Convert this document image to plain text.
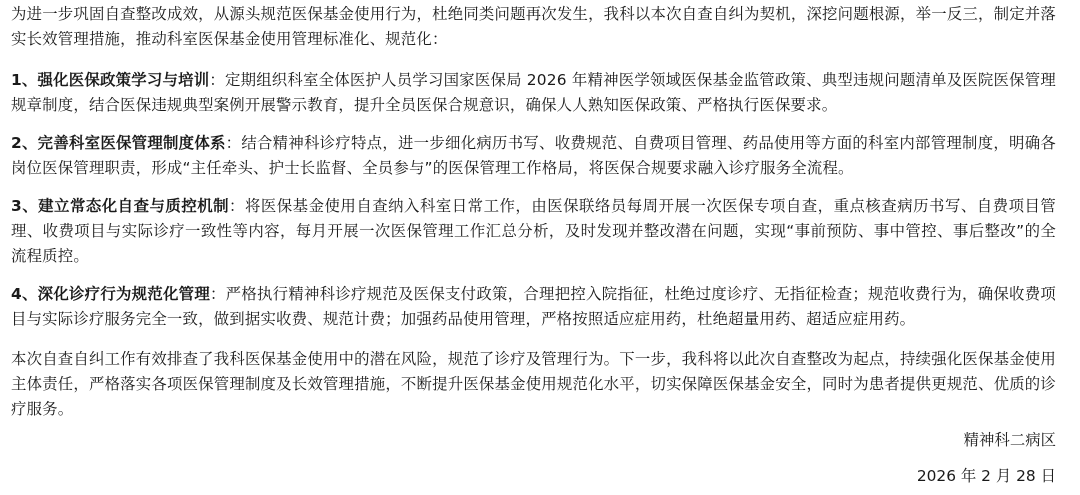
为进一步巩固自查整改成效，从源头规范医保基金使用行为，杜绝同类问题再次发生，我科以本次自查自纠为契机，深挖问题根源，举一反三，制定并落实长效管理措施，推动科室医保基金使用管理标准化、规范化：

1、强化医保政策学习与培训：定期组织科室全体医护人员学习国家医保局 2026 年精神医学领域医保基金监管政策、典型违规问题清单及医院医保管理规章制度，结合医保违规典型案例开展警示教育，提升全员医保合规意识，确保人人熟知医保政策、严格执行医保要求。

2、完善科室医保管理制度体系：结合精神科诊疗特点，进一步细化病历书写、收费规范、自费项目管理、药品使用等方面的科室内部管理制度，明确各岗位医保管理职责，形成“主任牵头、护士长监督、全员参与”的医保管理工作格局，将医保合规要求融入诊疗服务全流程。

3、建立常态化自查与质控机制：将医保基金使用自查纳入科室日常工作，由医保联络员每周开展一次医保专项自查，重点核查病历书写、自费项目管理、收费项目与实际诊疗一致性等内容，每月开展一次医保管理工作汇总分析，及时发现并整改潜在问题，实现“事前预防、事中管控、事后整改”的全流程质控。

4、深化诊疗行为规范化管理：严格执行精神科诊疗规范及医保支付政策，合理把控入院指征，杜绝过度诊疗、无指征检查；规范收费行为，确保收费项目与实际诊疗服务完全一致，做到据实收费、规范计费；加强药品使用管理，严格按照适应症用药，杜绝超量用药、超适应症用药。

本次自查自纠工作有效排查了我科医保基金使用中的潜在风险，规范了诊疗及管理行为。下一步，我科将以此次自查整改为起点，持续强化医保基金使用主体责任，严格落实各项医保管理制度及长效管理措施，不断提升医保基金使用规范化水平，切实保障医保基金安全，同时为患者提供更规范、优质的诊疗服务。

精神科二病区

2026 年 2 月 28 日
